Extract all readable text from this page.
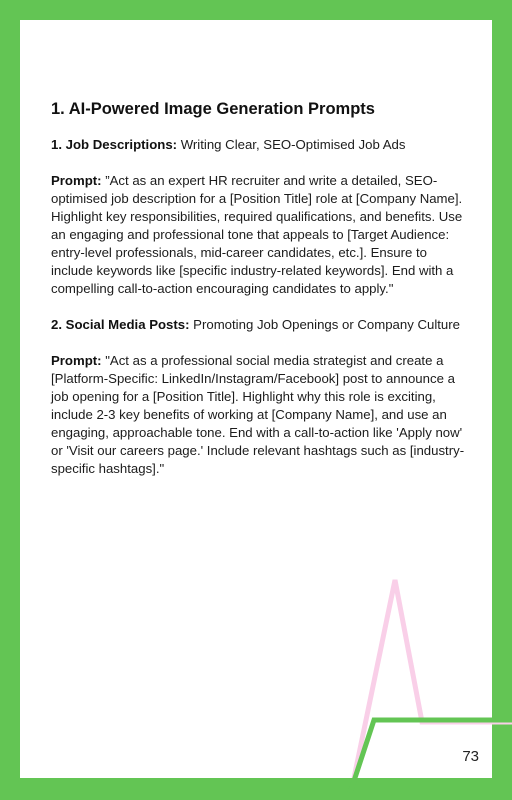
1. AI-Powered Image Generation Prompts

1. Job Descriptions: Writing Clear, SEO-Optimised Job Ads

Prompt: ”Act as an expert HR recruiter and write a detailed, SEO-optimised job description for a [Position Title] role at [Company Name]. Highlight key responsibilities, required qualifications, and benefits. Use an engaging and professional tone that appeals to [Target Audience: entry-level professionals, mid-career candidates, etc.]. Ensure to include keywords like [specific industry-related keywords]. End with a compelling call-to-action encouraging candidates to apply."

2. Social Media Posts: Promoting Job Openings or Company Culture

Prompt: "Act as a professional social media strategist and create a [Platform-Specific: LinkedIn/Instagram/Facebook] post to announce a job opening for a [Position Title]. Highlight why this role is exciting, include 2-3 key benefits of working at [Company Name], and use an engaging, approachable tone. End with a call-to-action like 'Apply now' or 'Visit our careers page.' Include relevant hashtags such as [industry-specific hashtags]."

73
